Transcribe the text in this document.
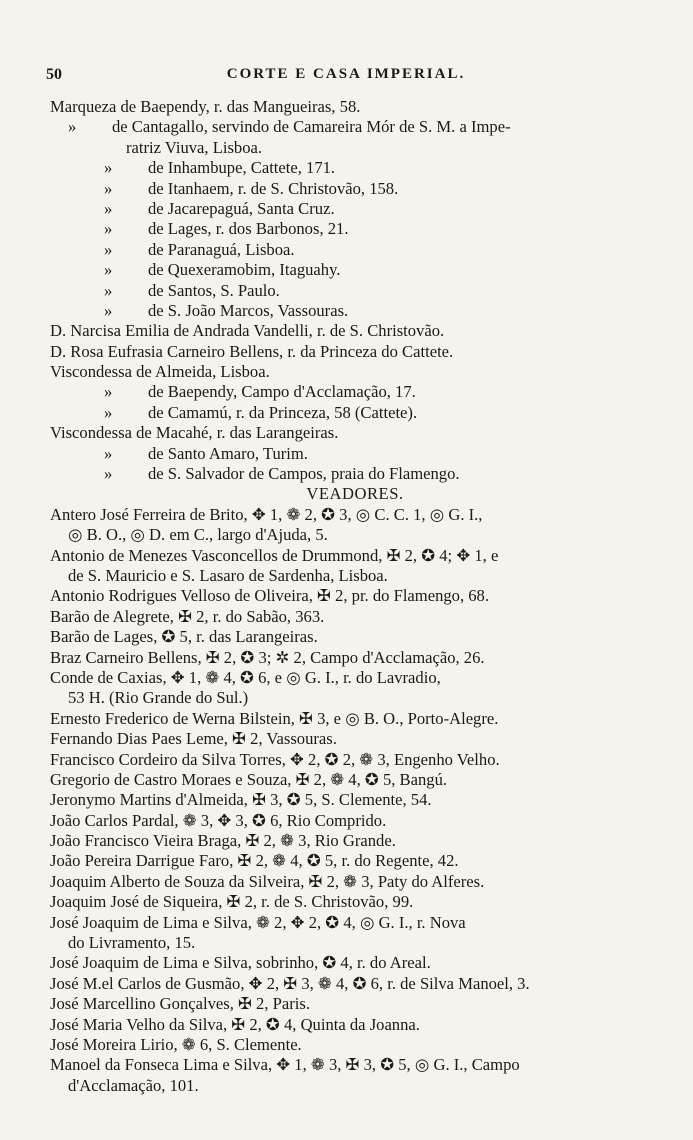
50	CORTE E CASA IMPERIAL.
Marqueza de Baependy, r. das Mangueiras, 58.
» de Cantagallo, servindo de Camareira Mór de S. M. a Impe-
ratriz Viuva, Lisboa.
» de Inhambupe, Cattete, 171.
» de Itanhaem, r. de S. Christovão, 158.
» de Jacarepaguá, Santa Cruz.
» de Lages, r. dos Barbonos, 21.
» de Paranaguá, Lisboa.
» de Quexeramobim, Itaguahy.
» de Santos, S. Paulo.
» de S. João Marcos, Vassouras.
D. Narcisa Emilia de Andrada Vandelli, r. de S. Christovão.
D. Rosa Eufrasia Carneiro Bellens, r. da Princeza do Cattete.
Viscondessa de Almeida, Lisboa.
» de Baependy, Campo d'Acclamação, 17.
» de Camamú, r. da Princeza, 58 (Cattete).
Viscondessa de Macahé, r. das Larangeiras.
» de Santo Amaro, Turim.
» de S. Salvador de Campos, praia do Flamengo.
VEADORES.
Antero José Ferreira de Brito, ✥ 1, ❁ 2, ✪ 3, ◎ C. C. 1, ◎ G. I.,
◎ B. O., ◎ D. em C., largo d'Ajuda, 5.
Antonio de Menezes Vasconcellos de Drummond, ✠ 2, ✪ 4; ✥ 1, e
de S. Mauricio e S. Lasaro de Sardenha, Lisboa.
Antonio Rodrigues Velloso de Oliveira, ✠ 2, pr. do Flamengo, 68.
Barão de Alegrete, ✠ 2, r. do Sabão, 363.
Barão de Lages, ✪ 5, r. das Larangeiras.
Braz Carneiro Bellens, ✠ 2, ✪ 3; ✲ 2, Campo d'Acclamação, 26.
Conde de Caxias, ✥ 1, ❁ 4, ✪ 6, e ◎ G. I., r. do Lavradio,
53 H. (Rio Grande do Sul.)
Ernesto Frederico de Werna Bilstein, ✠ 3, e ◎ B. O., Porto-Alegre.
Fernando Dias Paes Leme, ✠ 2, Vassouras.
Francisco Cordeiro da Silva Torres, ✥ 2, ✪ 2, ❁ 3, Engenho Velho.
Gregorio de Castro Moraes e Souza, ✠ 2, ❁ 4, ✪ 5, Bangú.
Jeronymo Martins d'Almeida, ✠ 3, ✪ 5, S. Clemente, 54.
João Carlos Pardal, ❁ 3, ✥ 3, ✪ 6, Rio Comprido.
João Francisco Vieira Braga, ✠ 2, ❁ 3, Rio Grande.
João Pereira Darrigue Faro, ✠ 2, ❁ 4, ✪ 5, r. do Regente, 42.
Joaquim Alberto de Souza da Silveira, ✠ 2, ❁ 3, Paty do Alferes.
Joaquim José de Siqueira, ✠ 2, r. de S. Christovão, 99.
José Joaquim de Lima e Silva, ❁ 2, ✥ 2, ✪ 4, ◎ G. I., r. Nova
do Livramento, 15.
José Joaquim de Lima e Silva, sobrinho, ✪ 4, r. do Areal.
José M.el Carlos de Gusmão, ✥ 2, ✠ 3, ❁ 4, ✪ 6, r. de Silva Manoel, 3.
José Marcellino Gonçalves, ✠ 2, Paris.
José Maria Velho da Silva, ✠ 2, ✪ 4, Quinta da Joanna.
José Moreira Lirio, ❁ 6, S. Clemente.
Manoel da Fonseca Lima e Silva, ✥ 1, ❁ 3, ✠ 3, ✪ 5, ◎ G. I., Campo
d'Acclamação, 101.
